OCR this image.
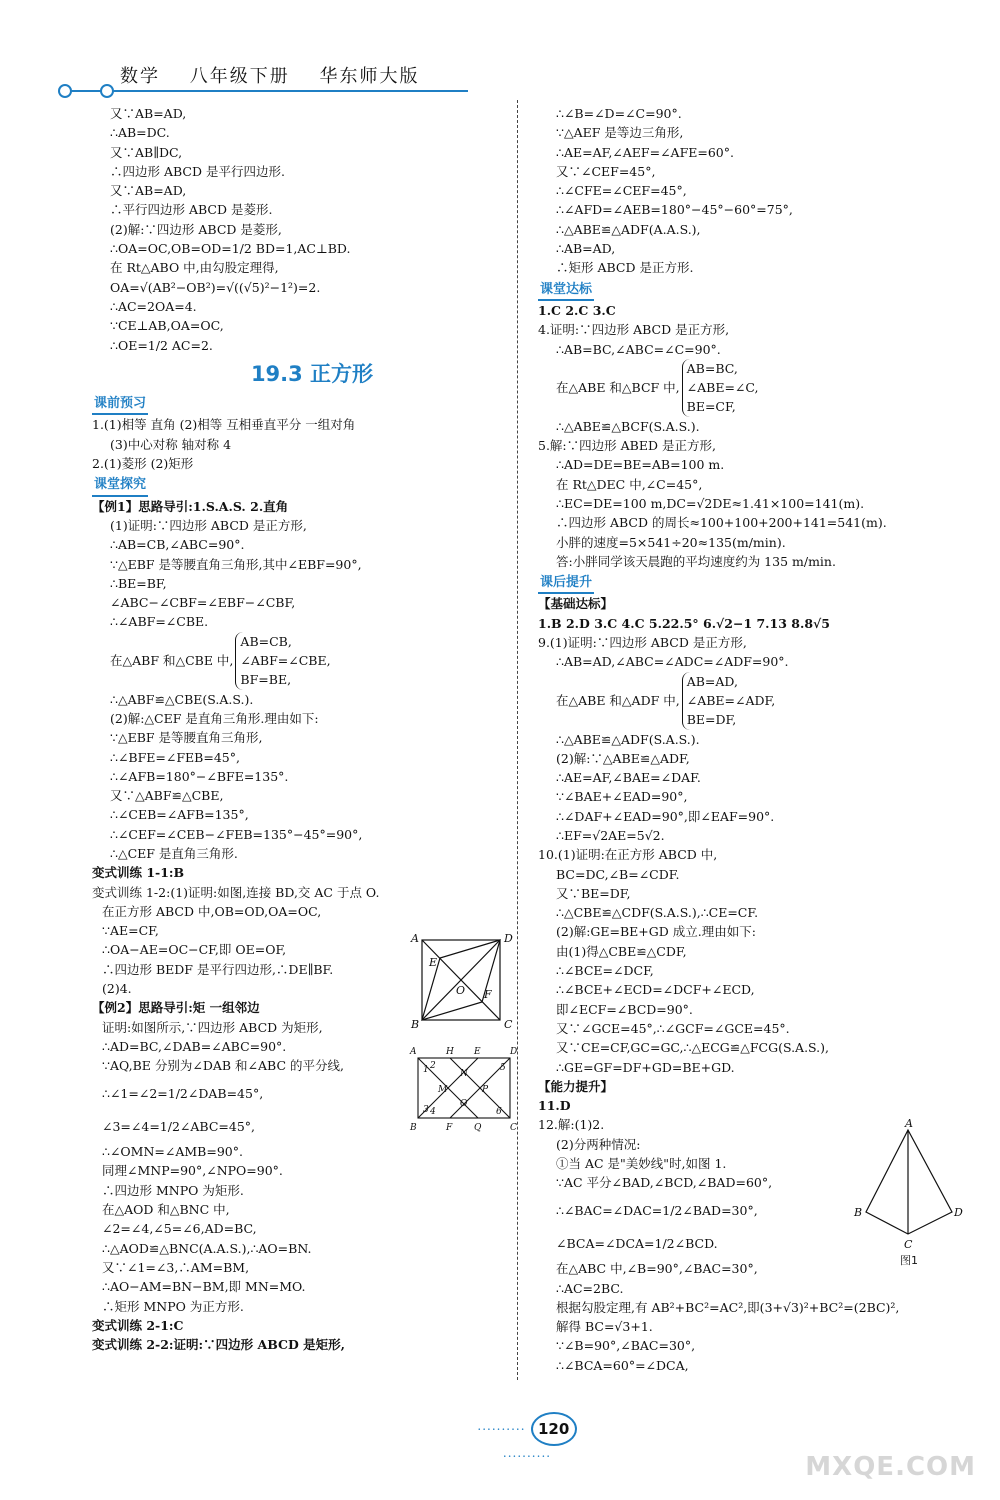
数学 八年级下册 华东师大版
又∵AB=AD,
∴AB=DC.
又∵AB∥DC,
∴四边形 ABCD 是平行四边形.
又∵AB=AD,
∴平行四边形 ABCD 是菱形.
(2)解:∵四边形 ABCD 是菱形,
∴OA=OC,OB=OD=1/2 BD=1,AC⊥BD.
在 Rt△ABO 中,由勾股定理得,
OA=√(AB²−OB²)=√((√5)²−1²)=2.
∴AC=2OA=4.
∵CE⊥AB,OA=OC,
∴OE=1/2 AC=2.
19.3 正方形
课前预习
1.(1)相等 直角 (2)相等 互相垂直平分 一组对角
(3)中心对称 轴对称 4
2.(1)菱形 (2)矩形
课堂探究
【例1】思路导引:1.S.A.S. 2.直角
(1)证明:∵四边形 ABCD 是正方形,
∴AB=CB,∠ABC=90°.
∵△EBF 是等腰直角三角形,其中∠EBF=90°,
∴BE=BF,
∠ABC−∠CBF=∠EBF−∠CBF,
∴∠ABF=∠CBE.
在△ABF 和△CBE 中,
AB=CB,
∠ABF=∠CBE,
BF=BE,
∴△ABF≌△CBE(S.A.S.).
(2)解:△CEF 是直角三角形.理由如下:
∵△EBF 是等腰直角三角形,
∴∠BFE=∠FEB=45°,
∴∠AFB=180°−∠BFE=135°.
又∵△ABF≌△CBE,
∴∠CEB=∠AFB=135°,
∴∠CEF=∠CEB−∠FEB=135°−45°=90°,
∴△CEF 是直角三角形.
变式训练 1-1:B
变式训练 1-2:(1)证明:如图,连接 BD,交 AC 于点 O.
在正方形 ABCD 中,OB=OD,OA=OC,
∵AE=CF,
∴OA−AE=OC−CF,即 OE=OF,
∴四边形 BEDF 是平行四边形,∴DE∥BF.
(2)4.
【例2】思路导引:矩 一组邻边
证明:如图所示,∵四边形 ABCD 为矩形,
∴AD=BC,∠DAB=∠ABC=90°.
∵AQ,BE 分别为∠DAB 和∠ABC 的平分线,
∴∠1=∠2=1/2∠DAB=45°,
∠3=∠4=1/2∠ABC=45°,
∴∠OMN=∠AMB=90°.
同理∠MNP=90°,∠NPO=90°.
∴四边形 MNPO 为矩形.
在△AOD 和△BNC 中,
∠2=∠4,∠5=∠6,AD=BC,
∴△AOD≌△BNC(A.A.S.),∴AO=BN.
又∵∠1=∠3,∴AM=BM,
∴AO−AM=BN−BM,即 MN=MO.
∴矩形 MNPO 为正方形.
变式训练 2-1:C
变式训练 2-2:证明:∵四边形 ABCD 是矩形,
A	D
B	C
E
F
O
A	H E	D
B	F Q	C
M
N
O
P
1 2
3 4
5
6
∴∠B=∠D=∠C=90°.
∵△AEF 是等边三角形,
∴AE=AF,∠AEF=∠AFE=60°.
又∵∠CEF=45°,
∴∠CFE=∠CEF=45°,
∴∠AFD=∠AEB=180°−45°−60°=75°,
∴△ABE≌△ADF(A.A.S.),
∴AB=AD,
∴矩形 ABCD 是正方形.
课堂达标
1.C 2.C 3.C
4.证明:∵四边形 ABCD 是正方形,
∴AB=BC,∠ABC=∠C=90°.
在△ABE 和△BCF 中,
AB=BC,
∠ABE=∠C,
BE=CF,
∴△ABE≌△BCF(S.A.S.).
5.解:∵四边形 ABED 是正方形,
∴AD=DE=BE=AB=100 m.
在 Rt△DEC 中,∠C=45°,
∴EC=DE=100 m,DC=√2DE≈1.41×100=141(m).
∴四边形 ABCD 的周长≈100+100+200+141=541(m).
小胖的速度=5×541÷20≈135(m/min).
答:小胖同学该天晨跑的平均速度约为 135 m/min.
课后提升
【基础达标】
1.B 2.D 3.C 4.C 5.22.5° 6.√2−1 7.13 8.8√5
9.(1)证明:∵四边形 ABCD 是正方形,
∴AB=AD,∠ABC=∠ADC=∠ADF=90°.
在△ABE 和△ADF 中,
AB=AD,
∠ABE=∠ADF,
BE=DF,
∴△ABE≌△ADF(S.A.S.).
(2)解:∵△ABE≌△ADF,
∴AE=AF,∠BAE=∠DAF.
∵∠BAE+∠EAD=90°,
∴∠DAF+∠EAD=90°,即∠EAF=90°.
∴EF=√2AE=5√2.
10.(1)证明:在正方形 ABCD 中,
BC=DC,∠B=∠CDF.
又∵BE=DF,
∴△CBE≌△CDF(S.A.S.),∴CE=CF.
(2)解:GE=BE+GD 成立.理由如下:
由(1)得△CBE≌△CDF,
∴∠BCE=∠DCF,
∴∠BCE+∠ECD=∠DCF+∠ECD,
即∠ECF=∠BCD=90°.
又∵∠GCE=45°,∴∠GCF=∠GCE=45°.
又∵CE=CF,GC=GC,∴△ECG≌△FCG(S.A.S.),
∴GE=GF=DF+GD=BE+GD.
【能力提升】
11.D
12.解:(1)2.
(2)分两种情况:
①当 AC 是"美妙线"时,如图 1.
∵AC 平分∠BAD,∠BCD,∠BAD=60°,
∴∠BAC=∠DAC=1/2∠BAD=30°,
∠BCA=∠DCA=1/2∠BCD.
在△ABC 中,∠B=90°,∠BAC=30°,
∴AC=2BC.
根据勾股定理,有 AB²+BC²=AC²,即(3+√3)²+BC²=(2BC)²,
解得 BC=√3+1.
∵∠B=90°,∠BAC=30°,
∴∠BCA=60°=∠DCA,
A
B
C
D
图1
·········· 120 ··········	MXQE.COM
